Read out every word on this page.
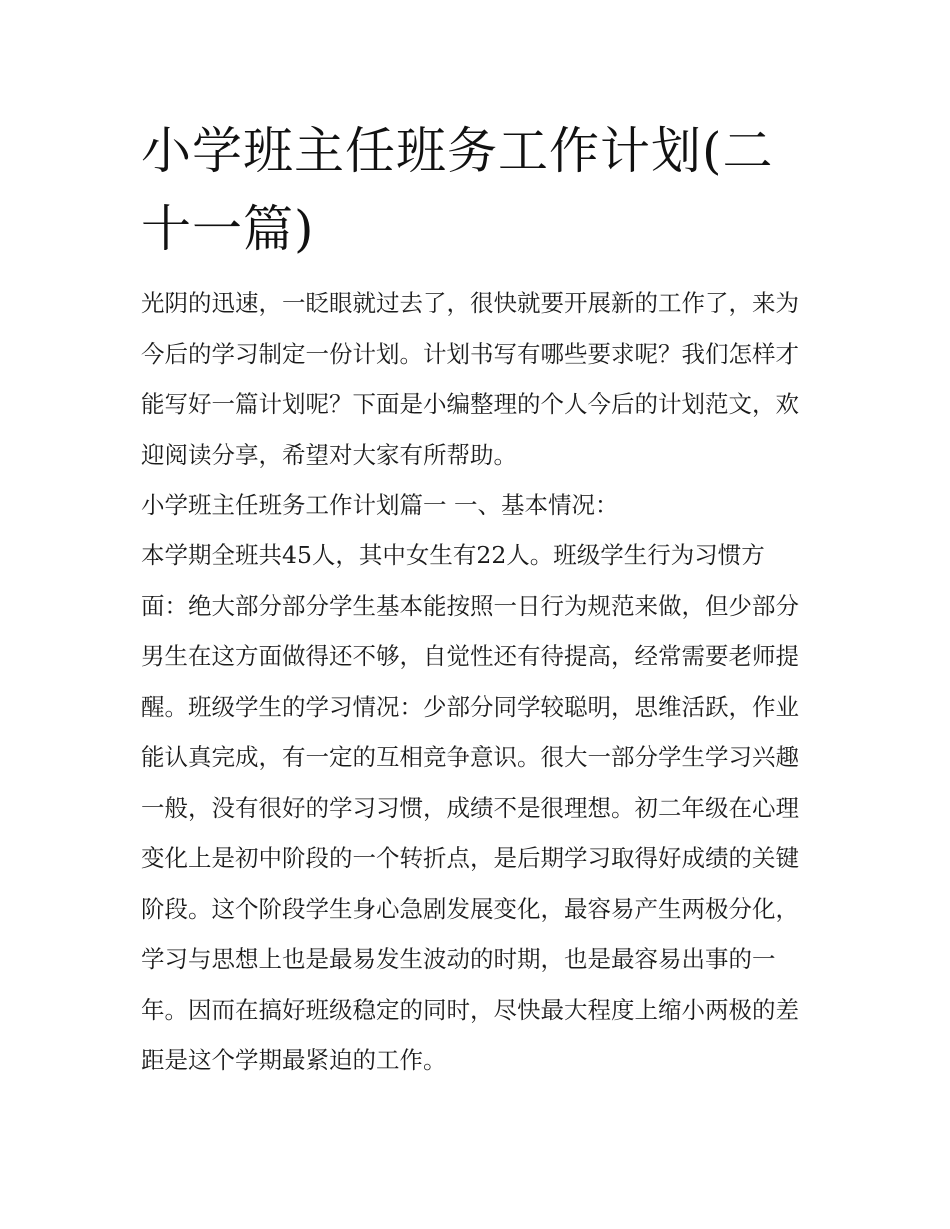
小学班主任班务工作计划(二十一篇)

光阴的迅速，一眨眼就过去了，很快就要开展新的工作了，来为今后的学习制定一份计划。计划书写有哪些要求呢？我们怎样才能写好一篇计划呢？下面是小编整理的个人今后的计划范文，欢迎阅读分享，希望对大家有所帮助。

小学班主任班务工作计划篇一 一、基本情况：

本学期全班共45人，其中女生有22人。班级学生行为习惯方面：绝大部分部分学生基本能按照一日行为规范来做，但少部分男生在这方面做得还不够，自觉性还有待提高，经常需要老师提醒。班级学生的学习情况：少部分同学较聪明，思维活跃，作业能认真完成，有一定的互相竞争意识。很大一部分学生学习兴趣一般，没有很好的学习习惯，成绩不是很理想。初二年级在心理变化上是初中阶段的一个转折点，是后期学习取得好成绩的关键阶段。这个阶段学生身心急剧发展变化，最容易产生两极分化，学习与思想上也是最易发生波动的时期，也是最容易出事的一年。因而在搞好班级稳定的同时，尽快最大程度上缩小两极的差距是这个学期最紧迫的工作。
